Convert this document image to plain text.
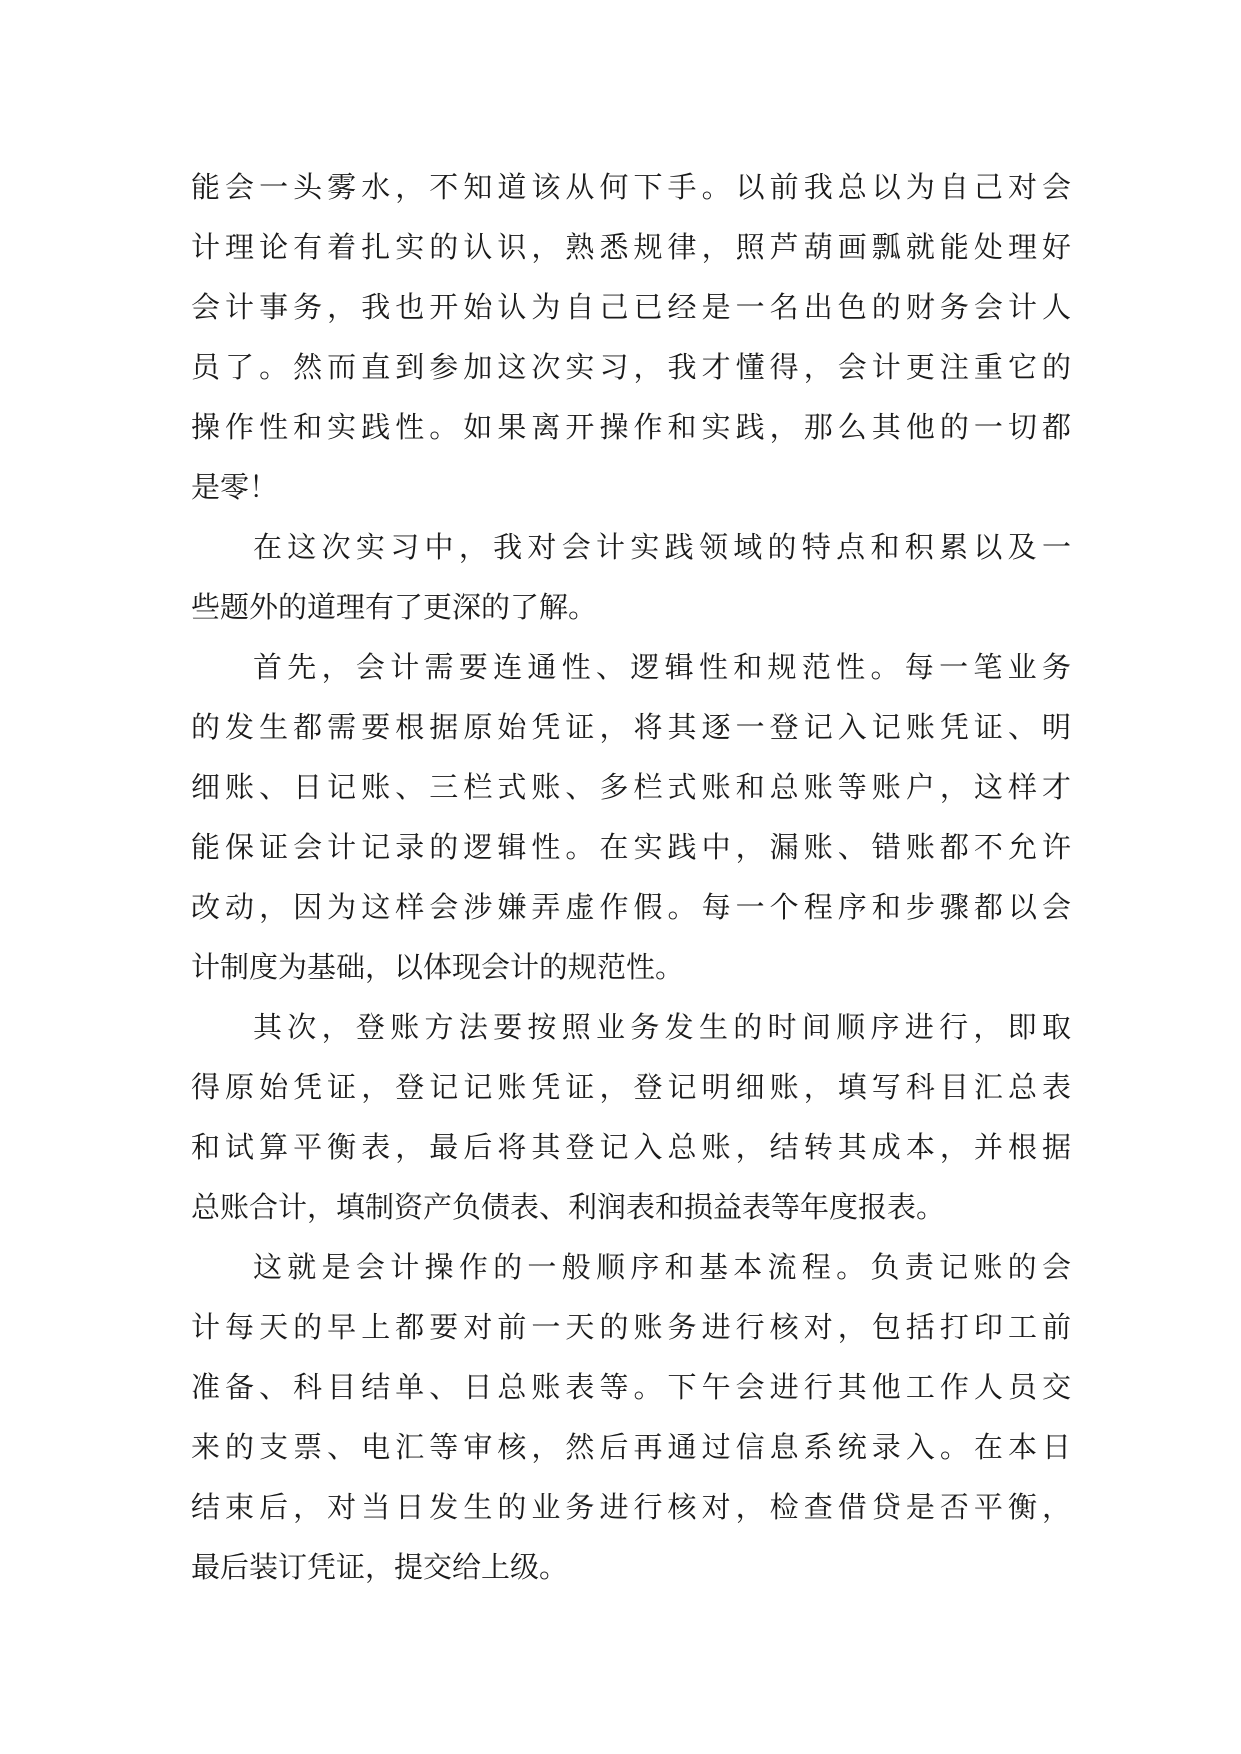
能会一头雾水，不知道该从何下手。以前我总以为自己对会
计理论有着扎实的认识，熟悉规律，照芦葫画瓢就能处理好
会计事务，我也开始认为自己已经是一名出色的财务会计人
员了。然而直到参加这次实习，我才懂得，会计更注重它的
操作性和实践性。如果离开操作和实践，那么其他的一切都
是零！
在这次实习中，我对会计实践领域的特点和积累以及一
些题外的道理有了更深的了解。
首先，会计需要连通性、逻辑性和规范性。每一笔业务
的发生都需要根据原始凭证，将其逐一登记入记账凭证、明
细账、日记账、三栏式账、多栏式账和总账等账户，这样才
能保证会计记录的逻辑性。在实践中，漏账、错账都不允许
改动，因为这样会涉嫌弄虚作假。每一个程序和步骤都以会
计制度为基础，以体现会计的规范性。
其次，登账方法要按照业务发生的时间顺序进行，即取
得原始凭证，登记记账凭证，登记明细账，填写科目汇总表
和试算平衡表，最后将其登记入总账，结转其成本，并根据
总账合计，填制资产负债表、利润表和损益表等年度报表。
这就是会计操作的一般顺序和基本流程。负责记账的会
计每天的早上都要对前一天的账务进行核对，包括打印工前
准备、科目结单、日总账表等。下午会进行其他工作人员交
来的支票、电汇等审核，然后再通过信息系统录入。在本日
结束后，对当日发生的业务进行核对，检查借贷是否平衡，
最后装订凭证，提交给上级。
